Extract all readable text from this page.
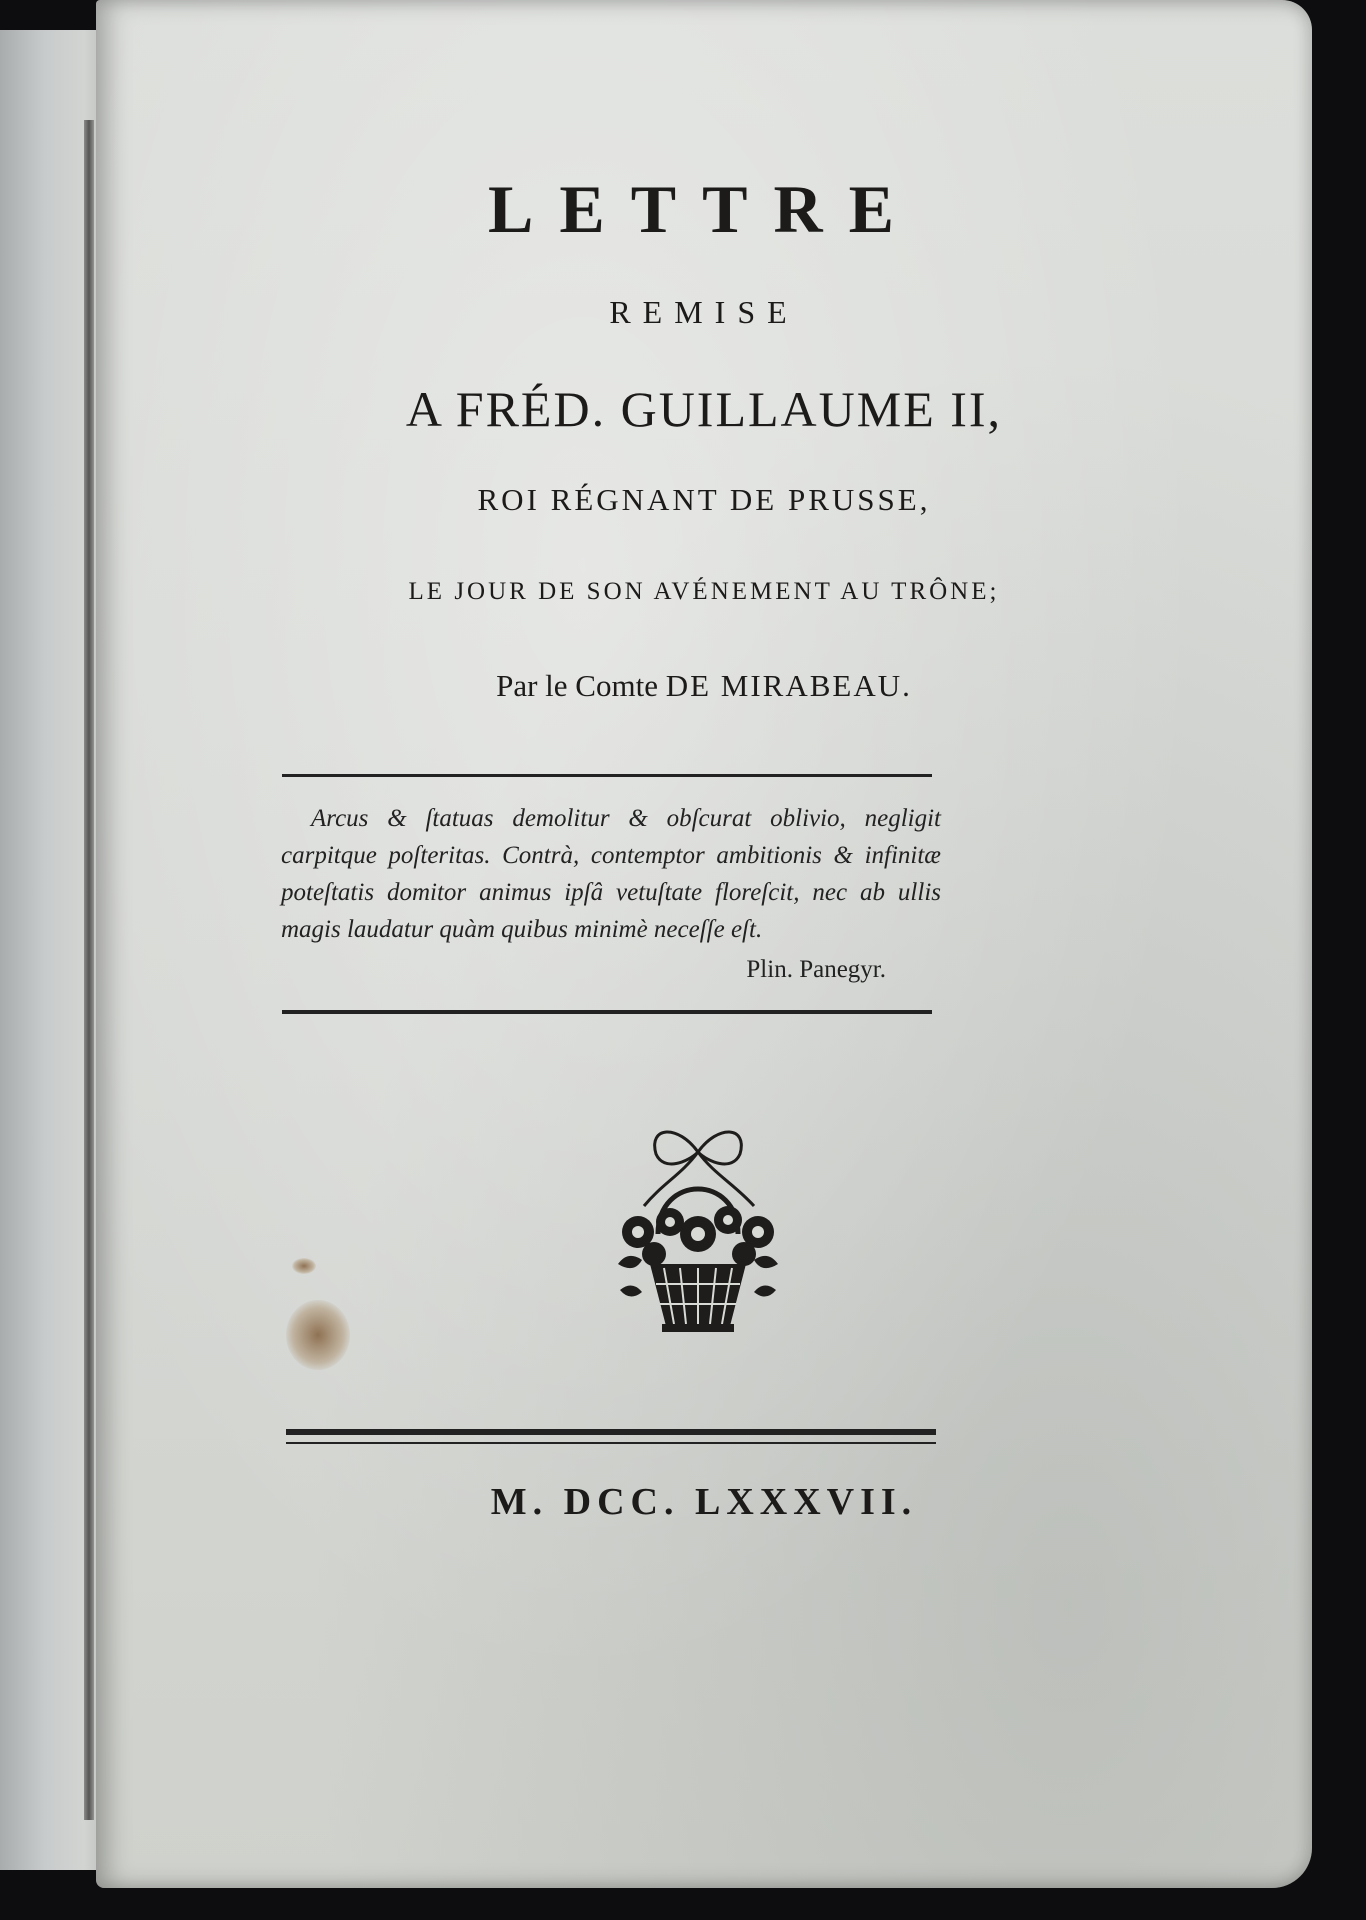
LETTRE
REMISE
A FRÉD. GUILLAUME II,
ROI RÉGNANT DE PRUSSE,
LE JOUR DE SON AVÉNEMENT AU TRÔNE;
Par le Comte DE MIRABEAU.
Arcus & ſtatuas demolitur & obſcurat oblivio, negligit carpitque poſteritas. Contrà, contemptor ambitionis & infinitæ poteſtatis domitor animus ipſâ vetuſtate floreſcit, nec ab ullis magis laudatur quàm quibus minimè neceſſe eſt.
Plin. Panegyr.
M. DCC. LXXXVII.
